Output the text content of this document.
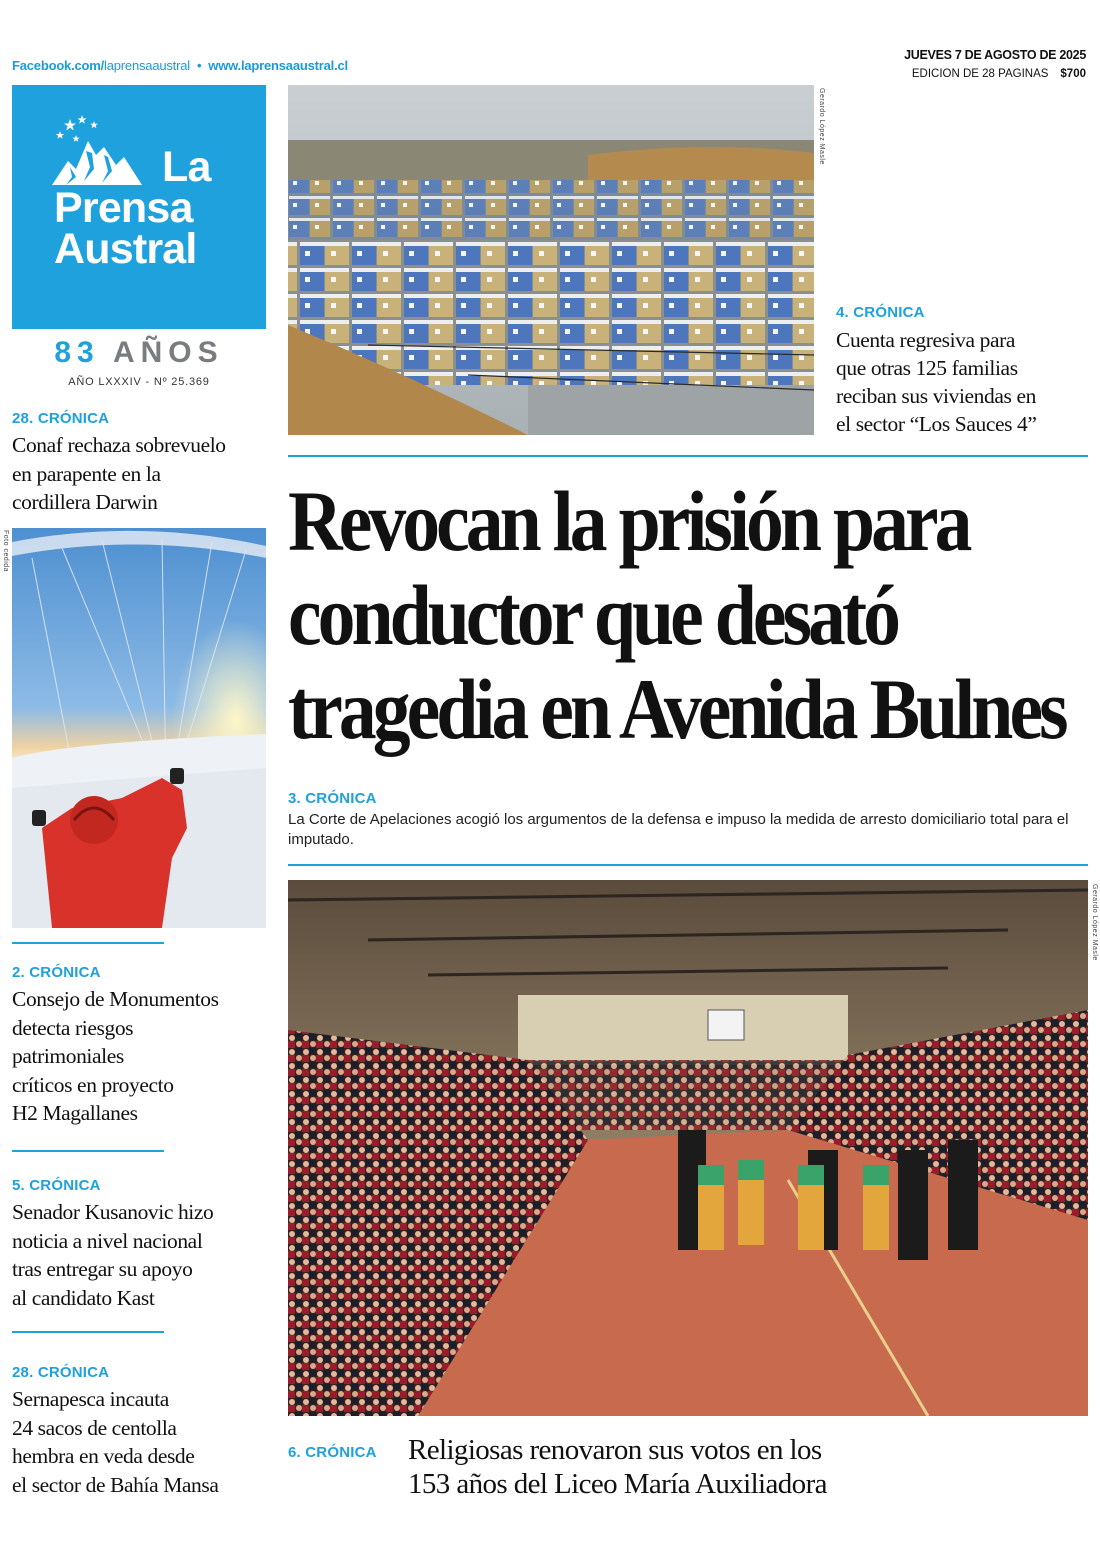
Facebook.com/laprensaaustral • www.laprensaaustral.cl
JUEVES 7 DE AGOSTO DE 2025
EDICION DE 28 PAGINAS $700
La
Prensa
Austral
83 AÑOS
AÑO LXXXIV - Nº 25.369
28. CRÓNICA
Conaf rechaza sobrevuelo
en parapente en la
cordillera Darwin
Foto cedida
2. CRÓNICA
Consejo de Monumentos
detecta riesgos
patrimoniales
críticos en proyecto
H2 Magallanes
5. CRÓNICA
Senador Kusanovic hizo
noticia a nivel nacional
tras entregar su apoyo
al candidato Kast
28. CRÓNICA
Sernapesca incauta
24 sacos de centolla
hembra en veda desde
el sector de Bahía Mansa
Gerardo López Masle
4. CRÓNICA
Cuenta regresiva para
que otras 125 familias
reciban sus viviendas en
el sector “Los Sauces 4”
Revocan la prisión para
conductor que desató
tragedia en Avenida Bulnes
3. CRÓNICA
La Corte de Apelaciones acogió los argumentos de la defensa e impuso la medida de arresto domiciliario total para el imputado.
Gerardo López Masle
6. CRÓNICA Religiosas renovaron sus votos en los
153 años del Liceo María Auxiliadora
